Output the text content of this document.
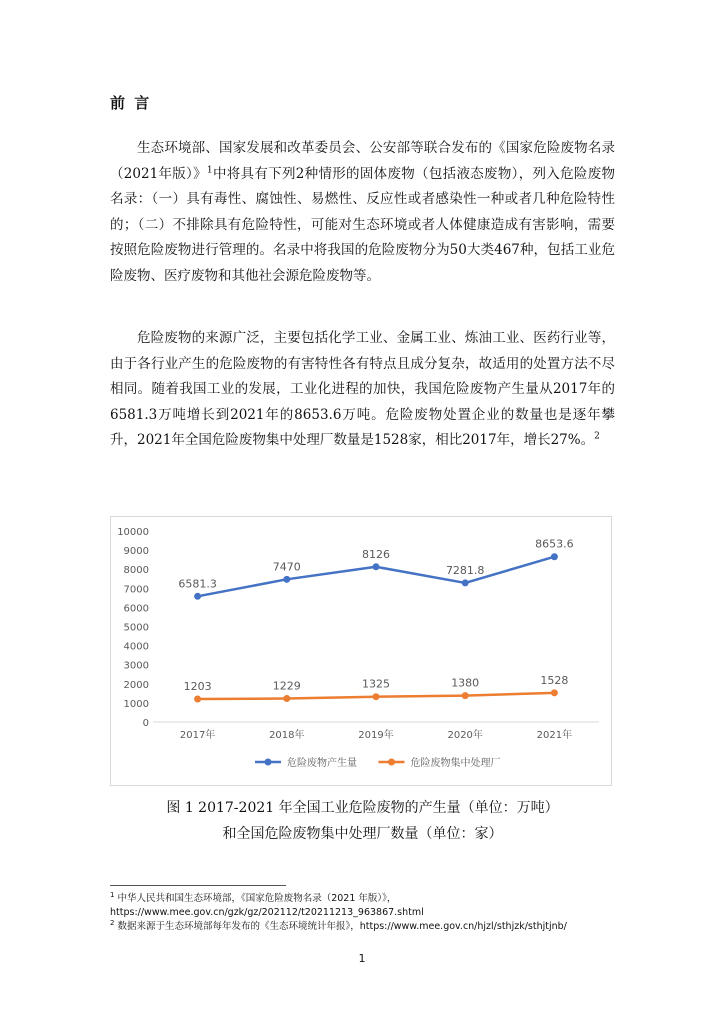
前 言

生态环境部、国家发展和改革委员会、公安部等联合发布的《国家危险废物名录（2021年版）》$^1$中将具有下列2种情形的固体废物（包括液态废物），列入危险废物名录：（一）具有毒性、腐蚀性、易燃性、反应性或者感染性一种或者几种危险特性的；（二）不排除具有危险特性，可能对生态环境或者人体健康造成有害影响，需要按照危险废物进行管理的。名录中将我国的危险废物分为50大类467种，包括工业危险废物、医疗废物和其他社会源危险废物等。

危险废物的来源广泛，主要包括化学工业、金属工业、炼油工业、医药行业等，由于各行业产生的危险废物的有害特性各有特点且成分复杂，故适用的处置方法不尽相同。随着我国工业的发展，工业化进程的加快，我国危险废物产生量从2017年的6581.3万吨增长到2021年的8653.6万吨。危险废物处置企业的数量也是逐年攀升，2021年全国危险废物集中处理厂数量是1528家，相比2017年，增长27%。$^2$

0
1000
2000
3000
4000
5000
6000
7000
8000
9000
10000
2017年	2018年	2019年	2020年	2021年
6581.3
7470
8126
7281.8
8653.6
1203	1229	1325	1380	1528
危险废物产生量	危险废物集中处理厂
图 1 2017-2021 年全国工业危险废物的产生量（单位：万吨）
和全国危险废物集中处理厂数量（单位：家）
$^1$ 中华人民共和国生态环境部，《国家危险废物名录（2021 年版）》，
https://www.mee.gov.cn/gzk/gz/202112/t20211213_963867.shtml
$^2$ 数据来源于生态环境部每年发布的《生态环境统计年报》，https://www.mee.gov.cn/hjzl/sthjzk/sthjtjnb/
1
